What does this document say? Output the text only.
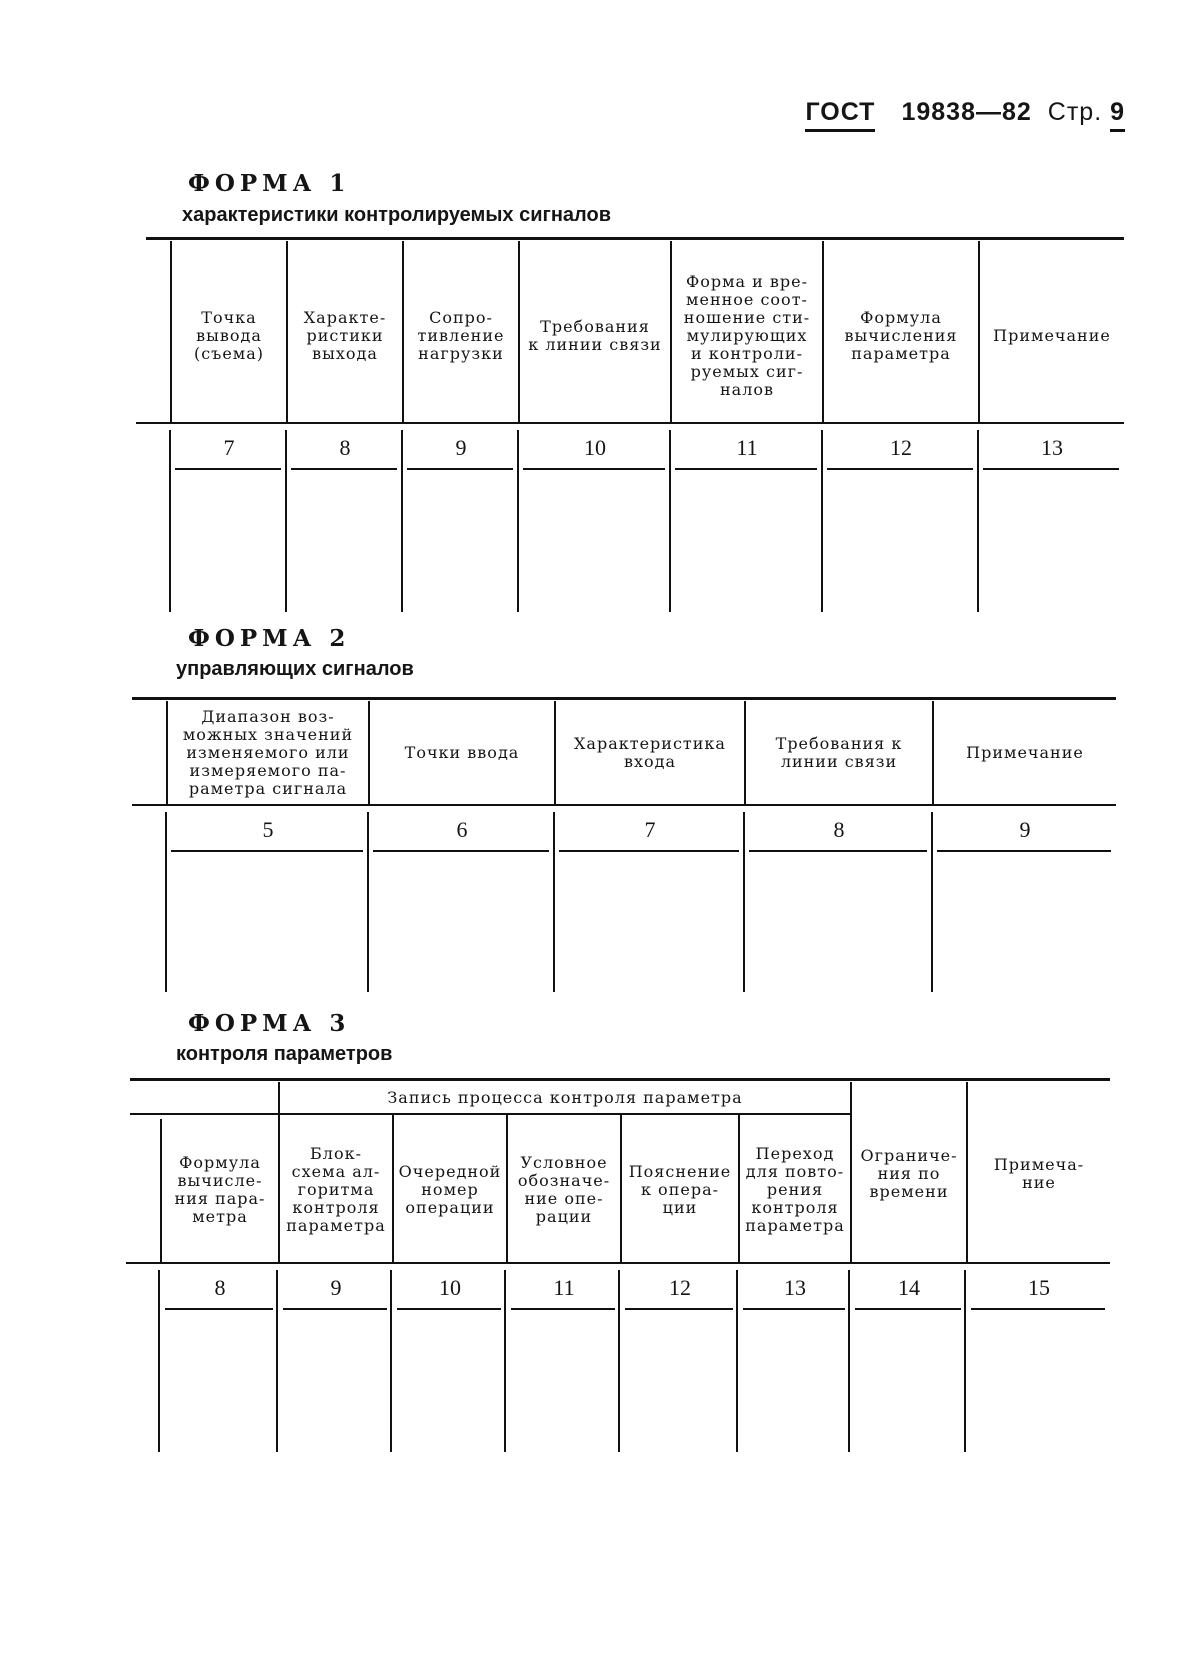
ГОСТ 19838—82 Стр. 9
ФОРМА 1
характеристики контролируемых сигналов
ФОРМА 2
управляющих сигналов
ФОРМА 3
контроля параметров
Точка
вывода
(съема)
7
Характе-
ристики
выхода
8
Сопро-
тивление
нагрузки
9
Требования
к линии связи
10
Форма и вре-
менное соот-
ношение сти-
мулирующих
и контроли-
руемых сиг-
налов
11
Формула
вычисления
параметра
12
Примечание
13
Диапазон воз-
можных значений
изменяемого или
измеряемого па-
раметра сигнала
5
Точки ввода
6
Характеристика
входа
7
Требования к
линии связи
8
Примечание
9
Запись процесса контроля параметра
Формула
вычисле-
ния пара-
метра
8
Блок-
схема ал-
горитма
контроля
параметра
9
Очередной
номер
операции
10
Условное
обозначе-
ние опе-
рации
11
Пояснение
к опера-
ции
12
Переход
для повто-
рения
контроля
параметра
13
Ограниче-
ния по
времени
14
Примеча-
ние
15
